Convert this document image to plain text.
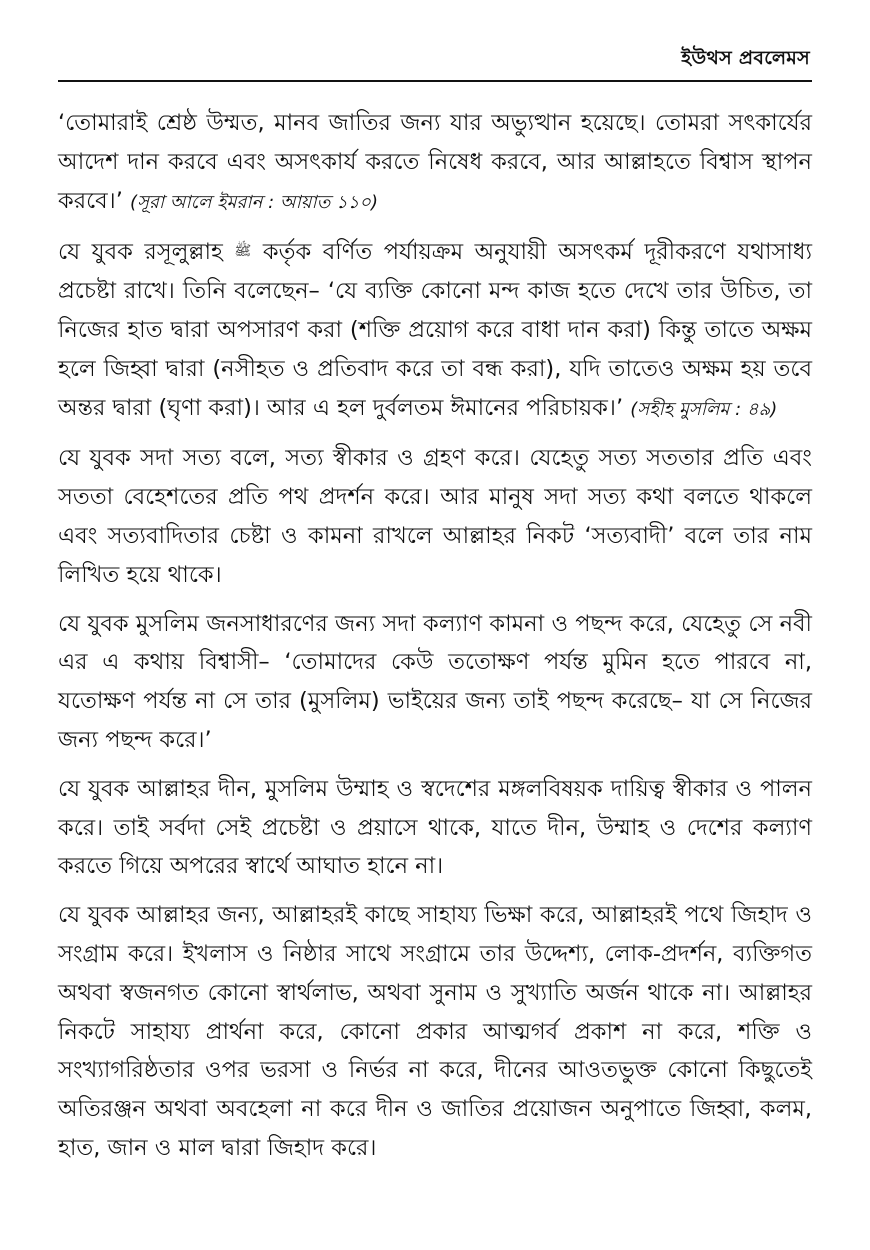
ইউথস প্রবলেমস

‘তোমারাই শ্রেষ্ঠ উম্মত, মানব জাতির জন্য যার অভ্যুত্থান হয়েছে। তোমরা সৎকার্যের আদেশ দান করবে এবং অসৎকার্য করতে নিষেধ করবে, আর আল্লাহতে বিশ্বাস স্থাপন করবে।’ (সূরা আলে ইমরান : আয়াত ১১০)

যে যুবক রসূলুল্লাহ ﷺ কর্তৃক বর্ণিত পর্যায়ক্রম অনুযায়ী অসৎকর্ম দূরীকরণে যথাসাধ্য প্রচেষ্টা রাখে। তিনি বলেছেন– ‘যে ব্যক্তি কোনো মন্দ কাজ হতে দেখে তার উচিত, তা নিজের হাত দ্বারা অপসারণ করা (শক্তি প্রয়োগ করে বাধা দান করা) কিন্তু তাতে অক্ষম হলে জিহ্বা দ্বারা (নসীহত ও প্রতিবাদ করে তা বন্ধ করা), যদি তাতেও অক্ষম হয় তবে অন্তর দ্বারা (ঘৃণা করা)। আর এ হল দুর্বলতম ঈমানের পরিচায়ক।’ (সহীহ মুসলিম : ৪৯)

যে যুবক সদা সত্য বলে, সত্য স্বীকার ও গ্রহণ করে। যেহেতু সত্য সততার প্রতি এবং সততা বেহেশতের প্রতি পথ প্রদর্শন করে। আর মানুষ সদা সত্য কথা বলতে থাকলে এবং সত্যবাদিতার চেষ্টা ও কামনা রাখলে আল্লাহর নিকট ‘সত্যবাদী’ বলে তার নাম লিখিত হয়ে থাকে।

যে যুবক মুসলিম জনসাধারণের জন্য সদা কল্যাণ কামনা ও পছন্দ করে, যেহেতু সে নবী এর এ কথায় বিশ্বাসী– ‘তোমাদের কেউ ততোক্ষণ পর্যন্ত মুমিন হতে পারবে না, যতোক্ষণ পর্যন্ত না সে তার (মুসলিম) ভাইয়ের জন্য তাই পছন্দ করেছে– যা সে নিজের জন্য পছন্দ করে।’

যে যুবক আল্লাহর দীন, মুসলিম উম্মাহ ও স্বদেশের মঙ্গলবিষয়ক দায়িত্ব স্বীকার ও পালন করে। তাই সর্বদা সেই প্রচেষ্টা ও প্রয়াসে থাকে, যাতে দীন, উম্মাহ ও দেশের কল্যাণ করতে গিয়ে অপরের স্বার্থে আঘাত হানে না।

যে যুবক আল্লাহর জন্য, আল্লাহরই কাছে সাহায্য ভিক্ষা করে, আল্লাহরই পথে জিহাদ ও সংগ্রাম করে। ইখলাস ও নিষ্ঠার সাথে সংগ্রামে তার উদ্দেশ্য, লোক-প্রদর্শন, ব্যক্তিগত অথবা স্বজনগত কোনো স্বার্থলাভ, অথবা সুনাম ও সুখ্যাতি অর্জন থাকে না। আল্লাহর নিকটে সাহায্য প্রার্থনা করে, কোনো প্রকার আত্মগর্ব প্রকাশ না করে, শক্তি ও সংখ্যাগরিষ্ঠতার ওপর ভরসা ও নির্ভর না করে, দীনের আওতভুক্ত কোনো কিছুতেই অতিরঞ্জন অথবা অবহেলা না করে দীন ও জাতির প্রয়োজন অনুপাতে জিহ্বা, কলম, হাত, জান ও মাল দ্বারা জিহাদ করে।
